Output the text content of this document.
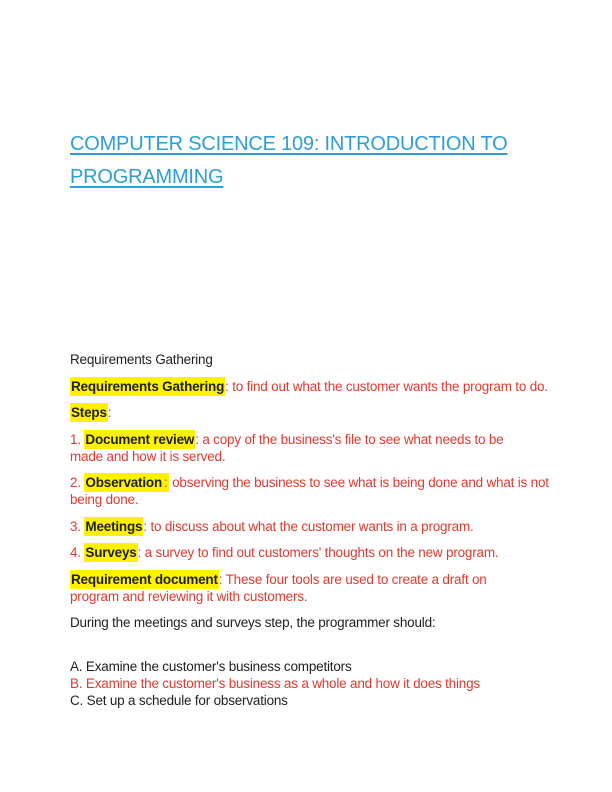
COMPUTER SCIENCE 109: INTRODUCTION TO
PROGRAMMING

Requirements Gathering

Requirements Gathering: to find out what the customer wants the program to do.

Steps:

1. Document review: a copy of the business's file to see what needs to be
made and how it is served.

2. Observation : observing the business to see what is being done and what is not
being done.

3. Meetings: to discuss about what the customer wants in a program.

4. Surveys: a survey to find out customers' thoughts on the new program.

Requirement document: These four tools are used to create a draft on
program and reviewing it with customers.

During the meetings and surveys step, the programmer should:

A. Examine the customer's business competitors
B. Examine the customer's business as a whole and how it does things
C. Set up a schedule for observations
